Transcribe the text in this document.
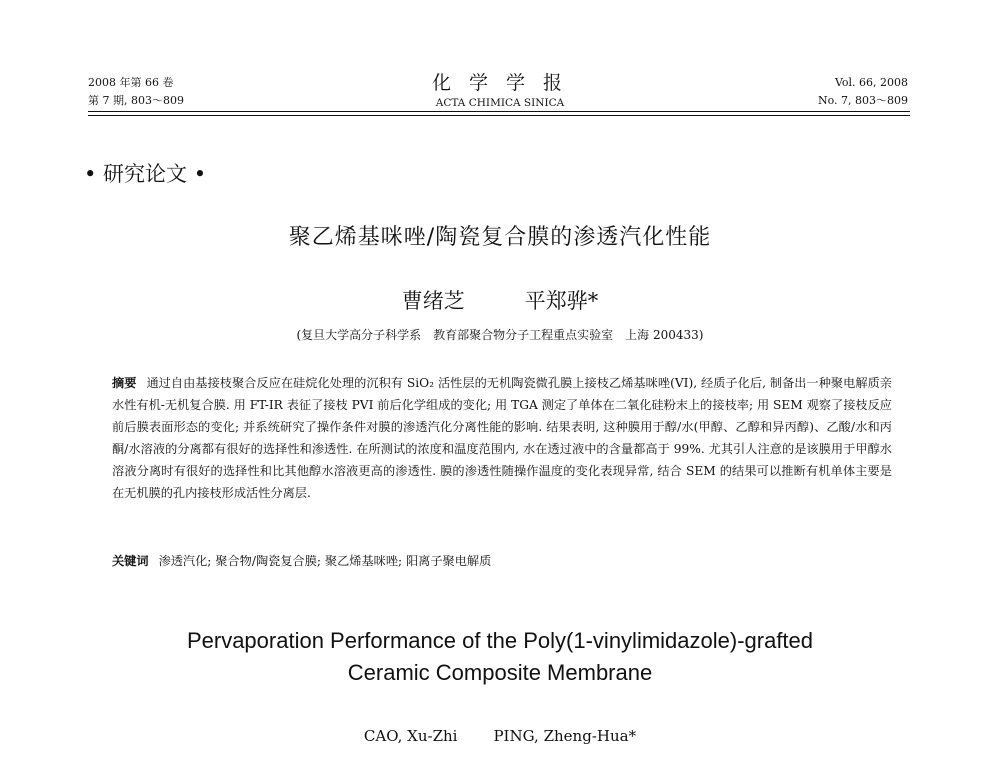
2008 年第 66 卷
第 7 期, 803～809
化 学 学 报
ACTA CHIMICA SINICA
Vol. 66, 2008
No. 7, 803～809
• 研究论文 •
聚乙烯基咪唑/陶瓷复合膜的渗透汽化性能
曹绪芝	平郑骅*
(复旦大学高分子科学系　教育部聚合物分子工程重点实验室　上海 200433)
摘要 通过自由基接枝聚合反应在硅烷化处理的沉积有 SiO₂ 活性层的无机陶瓷微孔膜上接枝乙烯基咪唑(VI), 经质子化后, 制备出一种聚电解质亲水性有机-无机复合膜. 用 FT-IR 表征了接枝 PVI 前后化学组成的变化; 用 TGA 测定了单体在二氧化硅粉末上的接枝率; 用 SEM 观察了接枝反应前后膜表面形态的变化; 并系统研究了操作条件对膜的渗透汽化分离性能的影响. 结果表明, 这种膜用于醇/水(甲醇、乙醇和异丙醇)、乙酸/水和丙酮/水溶液的分离都有很好的选择性和渗透性. 在所测试的浓度和温度范围内, 水在透过液中的含量都高于 99%. 尤其引人注意的是该膜用于甲醇水溶液分离时有很好的选择性和比其他醇水溶液更高的渗透性. 膜的渗透性随操作温度的变化表现异常, 结合 SEM 的结果可以推断有机单体主要是在无机膜的孔内接枝形成活性分离层.
关键词 渗透汽化; 聚合物/陶瓷复合膜; 聚乙烯基咪唑; 阳离子聚电解质
Pervaporation Performance of the Poly(1-vinylimidazole)-grafted
Ceramic Composite Membrane
CAO, Xu-Zhi PING, Zheng-Hua*
